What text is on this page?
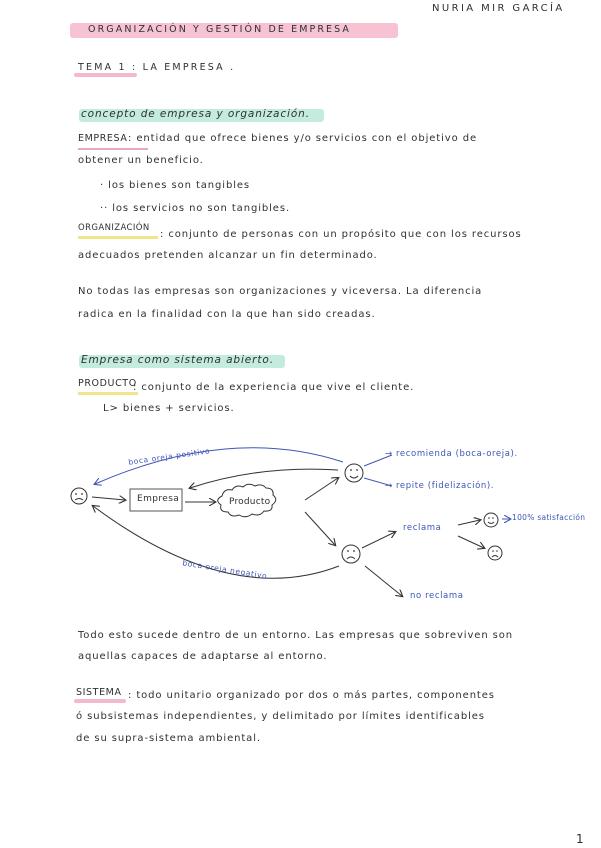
NURIA MIR GARCÍA
ORGANIZACIÓN Y GESTIÓN DE EMPRESA
TEMA 1 : LA EMPRESA .
concepto de empresa y organización.
EMPRESA : entidad que ofrece bienes y/o servicios con el objetivo de
obtener un beneficio.
· los bienes son tangibles
·· los servicios no son tangibles.
ORGANIZACIÓN
: conjunto de personas con un propósito que con los recursos
adecuados pretenden alcanzar un fin determinado.
No todas las empresas son organizaciones y viceversa. La diferencia
radica en la finalidad con la que han sido creadas.
Empresa como sistema abierto.
PRODUCTO
: conjunto de la experiencia que vive el cliente.
L> bienes + servicios.
boca oreja positivo
Empresa	Producto
→ recomienda (boca-oreja).
→ repite (fidelización).
reclama
100% satisfacción
boca oreja negativo
no reclama
Todo esto sucede dentro de un entorno. Las empresas que sobreviven son
aquellas capaces de adaptarse al entorno.
SISTEMA : todo unitario organizado por dos o más partes, componentes
ó subsistemas independientes, y delimitado por límites identificables
de su supra-sistema ambiental.
1
